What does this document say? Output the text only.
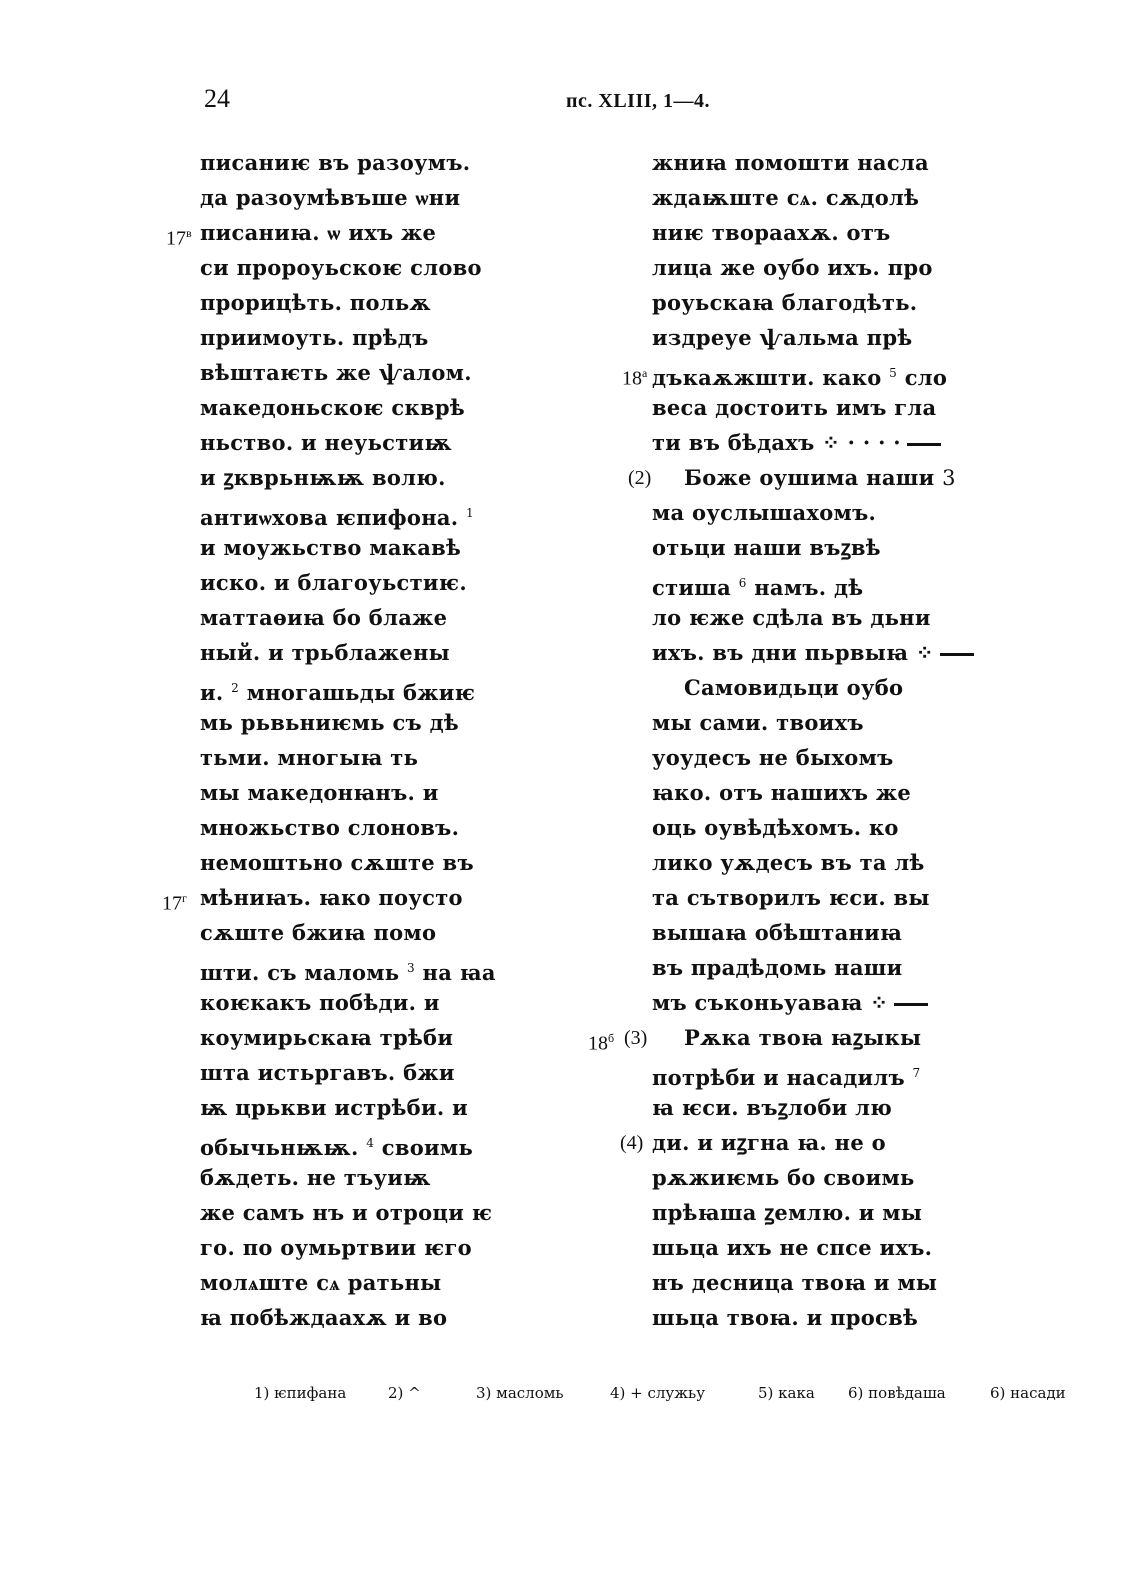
24	пс. XLIII, 1—4.
писаниѥ въ разоумъ.
да разоумѣвъше ѡни
писаниꙗ. ѡ ихъ же
си пророуьскоѥ слово
прорицѣть. польѫ
приимоуть. прѣдъ
вѣштаѥть же ѱалом.
македоньскоѥ скврѣ
ньство. и неуьстиѭ
и ꙁкврьнѭѭ волю.
антиѡхова ѥпифона. $^1$
и моужьство макавѣ
иско. и благоуьстиѥ.
маттаѳиꙗ бо блаже
ный. и трьблажены
и. $^2$ многашьды бжиѥ
мь рьвьниѥмь съ дѣ
тьми. многыꙗ ть
мы македонꙗнъ. и
множьство слоновъ.
немоштьно сѫште въ
мѣниꙗъ. ꙗко поусто
сѫште бжиꙗ помо
шти. съ маломь $^3$ на ꙗа
коѥкакъ побѣди. и
коумирьскаꙗ трѣби
шта истьргавъ. бжи
ѭ црькви истрѣби. и
обычьнѭѭ. $^4$ своимь
бѫдеть. не тъуиѭ
же самъ нъ и отроци ѥ
го. по оумьртвии ѥго
молѧште сѧ ратьны
ꙗ побѣждаахѫ и во
$17^в$
$17^г$
жниꙗ помошти насла
ждаѭште сѧ. сѫдолѣ
ниѥ твораахѫ. отъ
лица же оубо ихъ. про
роуьскаꙗ благодѣть.
издреуе ѱальма прѣ
дъкаѫжшти. како $^5$ сло
веса достоить имъ гла
ти въ бѣдахъ ⁘ · · · ·
Боже оушима наши 3
ма оуслышахомъ.
отьци наши въꙁвѣ
стиша $^6$ намъ. дѣ
ло ѥже сдѣла въ дьни
ихъ. въ дни пьрвыꙗ ⁘
Самовидьци оубо
мы сами. твоихъ
уоудесъ не быхомъ
ꙗко. отъ нашихъ же
оць оувѣдѣхомъ. ко
лико уѫдесъ въ та лѣ
та сътворилъ ѥси. вы
вышаꙗ обѣштаниꙗ
въ прадѣдомь наши
мъ съконьуаваꙗ ⁘
Рѫка твоꙗ ꙗꙁыкы
потрѣби и насадилъ $^7$
ꙗ ѥси. въꙁлоби лю
ди. и иꙁгна ꙗ. не о
рѫжиѥмь бо своимь
прѣꙗша ꙁемлю. и мы
шьца ихъ не спсе ихъ.
нъ десница твоꙗ и мы
шьца твоꙗ. и просвѣ
$18^а$
(2)
$18^б$ (3)
(4)
1) ѥпифана	2) ^	3) масломь	4) + служьу	5) кака 6) повѣдаша	6) насади
